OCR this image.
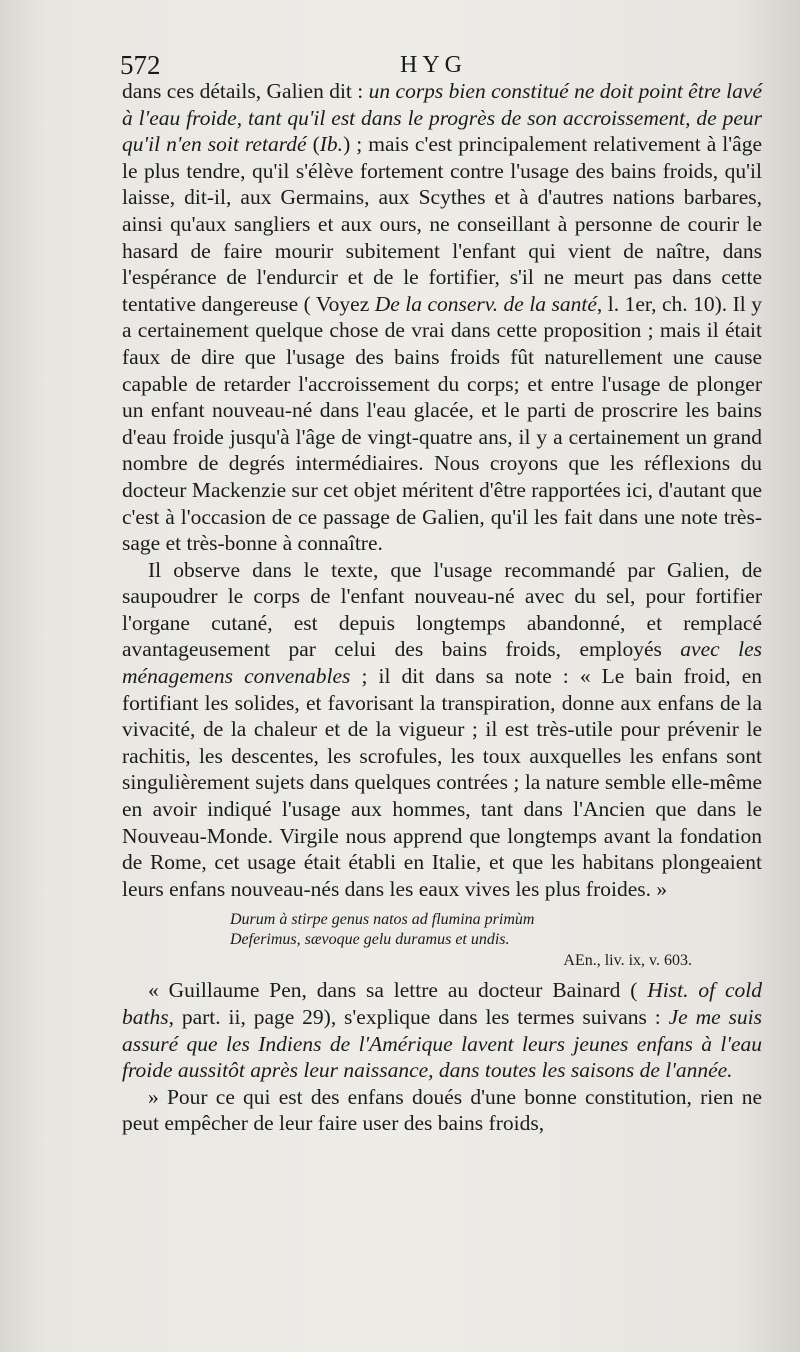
572	HYG

dans ces détails, Galien dit : un corps bien constitué ne doit point être lavé à l'eau froide, tant qu'il est dans le progrès de son accroissement, de peur qu'il n'en soit retardé (Ib.) ; mais c'est principalement relativement à l'âge le plus tendre, qu'il s'élève fortement contre l'usage des bains froids, qu'il laisse, dit-il, aux Germains, aux Scythes et à d'autres nations barbares, ainsi qu'aux sangliers et aux ours, ne conseillant à personne de courir le hasard de faire mourir subitement l'enfant qui vient de naître, dans l'espérance de l'endurcir et de le fortifier, s'il ne meurt pas dans cette tentative dangereuse ( Voyez De la conserv. de la santé, l. 1er, ch. 10). Il y a certainement quelque chose de vrai dans cette proposition ; mais il était faux de dire que l'usage des bains froids fût naturellement une cause capable de retarder l'accroissement du corps; et entre l'usage de plonger un enfant nouveau-né dans l'eau glacée, et le parti de proscrire les bains d'eau froide jusqu'à l'âge de vingt-quatre ans, il y a certainement un grand nombre de degrés intermédiaires. Nous croyons que les réflexions du docteur Mackenzie sur cet objet méritent d'être rapportées ici, d'autant que c'est à l'occasion de ce passage de Galien, qu'il les fait dans une note très-sage et très-bonne à connaître.

Il observe dans le texte, que l'usage recommandé par Galien, de saupoudrer le corps de l'enfant nouveau-né avec du sel, pour fortifier l'organe cutané, est depuis longtemps abandonné, et remplacé avantageusement par celui des bains froids, employés avec les ménagemens convenables ; il dit dans sa note : « Le bain froid, en fortifiant les solides, et favorisant la transpiration, donne aux enfans de la vivacité, de la chaleur et de la vigueur ; il est très-utile pour prévenir le rachitis, les descentes, les scrofules, les toux auxquelles les enfans sont singulièrement sujets dans quelques contrées ; la nature semble elle-même en avoir indiqué l'usage aux hommes, tant dans l'Ancien que dans le Nouveau-Monde. Virgile nous apprend que longtemps avant la fondation de Rome, cet usage était établi en Italie, et que les habitans plongeaient leurs enfans nouveau-nés dans les eaux vives les plus froides. »

Durum à stirpe genus natos ad flumina primùm
Deferimus, sævoque gelu duramus et undis.
AEn., liv. ix, v. 603.

« Guillaume Pen, dans sa lettre au docteur Bainard ( Hist. of cold baths, part. ii, page 29), s'explique dans les termes suivans : Je me suis assuré que les Indiens de l'Amérique lavent leurs jeunes enfans à l'eau froide aussitôt après leur naissance, dans toutes les saisons de l'année.

» Pour ce qui est des enfans doués d'une bonne constitution, rien ne peut empêcher de leur faire user des bains froids,
